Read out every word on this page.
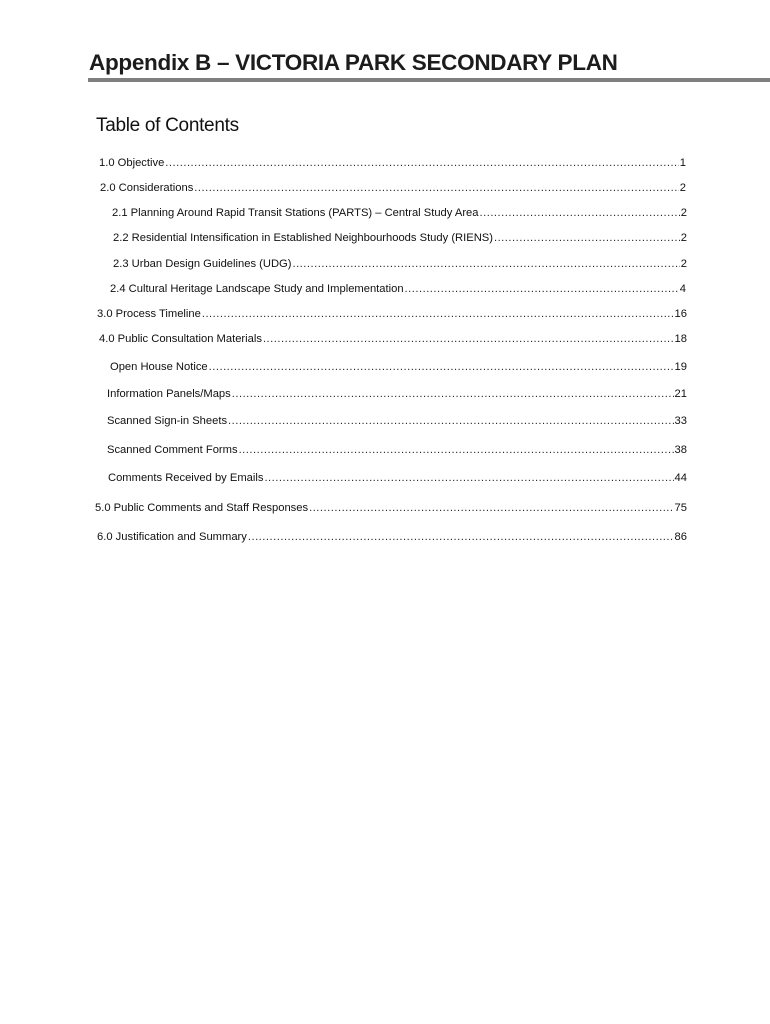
Appendix B – VICTORIA PARK SECONDARY PLAN
Table of Contents
1.0 Objective .....	1
2.0 Considerations .....	2
2.1 Planning Around Rapid Transit Stations (PARTS) – Central Study Area .....	2
2.2 Residential Intensification in Established Neighbourhoods Study (RIENS) .....	2
2.3 Urban Design Guidelines (UDG) .....	2
2.4 Cultural Heritage Landscape Study and Implementation .....	4
3.0 Process Timeline .....	16
4.0 Public Consultation Materials .....	18
Open House Notice .....	19
Information Panels/Maps .....	21
Scanned Sign-in Sheets .....	33
Scanned Comment Forms .....	38
Comments Received by Emails .....	44
5.0 Public Comments and Staff Responses .....	75
6.0 Justification and Summary .....	86
